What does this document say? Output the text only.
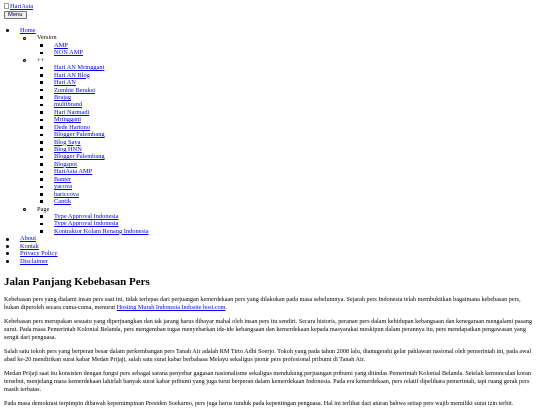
HariAsia
Menu
Home
Version
AMP
NON AMP
++
Hari AN Mringgani
Hari AN Blog
Hari AN
Zombie Beraksi
Brajag
multibrand
Hari Narmadi
Mringgani
Dede Hartono
Blogger Palembang
Blog Saya
Blog HNN
Blogger Palembang
Blogspot
HariAsia AMP
Banter
yacova
hariccova
Cantik
Page
Type Approval Indonesia
Type Approval Indonesia
Kontraktor Kolam Renang Indonesia
About
Kontak
Privacy Policy
Disclaimer
Jalan Panjang Kebebasan Pers

Kebebasan pers yang dialami insan pers saat ini, tidak terlepas dari perjuangan kemerdekaan pers yang dilakukan pada masa sebelumnya. Sejarah pers Indonesia telah membuktikan bagaimana kebebasan pers, bukan diperoleh secara cuma-cuma, menurut Hosting Murah Indonesia Indosite host.com.

Kebebasan pers merupakan sesuatu yang diperjuangkan dan tak jarang harus dibayar mahal oleh insan pers itu sendiri. Secara historis, peranan pers dalam kehidupan kebangsaan dan kenegaraan mengalami pasang surut. Pada masa Pemerintah Kolonial Belanda, pers mengemban tugas menyebarkan ide-ide kebangsaan dan kemerdekaan kepada masyarakat meskipun dalam perannya itu, pers mendapatkan pengawasan yang sengit dari penguasa.

Salah satu tokoh pers yang berperan besar dalam perkembangan pers Tanah Air adalah RM Tirto Adhi Soerjo. Tokoh yang pada tahun 2008 lalu, dianugerahi gelar pahlawan nasional oleh pemerintah ini, pada awal abad ke-20 mendirikan surat kabar Medan Prijaji, salah satu surat kabar berbahasa Melayu sekaligus pionir pers profesional pribumi di Tanah Air.

Medan Prijaji saat itu konsisten dengan fungsi pers sebagai sarana penyebar gagasan nasionalisme sekaligus mendukung perjuangan pribumi yang ditindas Pemerintah Kolonial Belanda. Setelah kemunculan koran tersebut, menjelang masa kemerdekaan lahirlah banyak surat kabar pribumi yang juga turut berperan dalam kemerdekaan Indonesia. Pada era kemerdekaan, pers relatif dipelihara pemerintah, tapi ruang gerak pers masih terbatas.

Pada masa demokrasi terpimpin dibawah kepemimpinan Presiden Soekarno, pers juga harus tunduk pada kepentingan penguasa. Hal ini terlihat dari aturan bahwa setiap pers wajib memiliki surat izin terbit.
